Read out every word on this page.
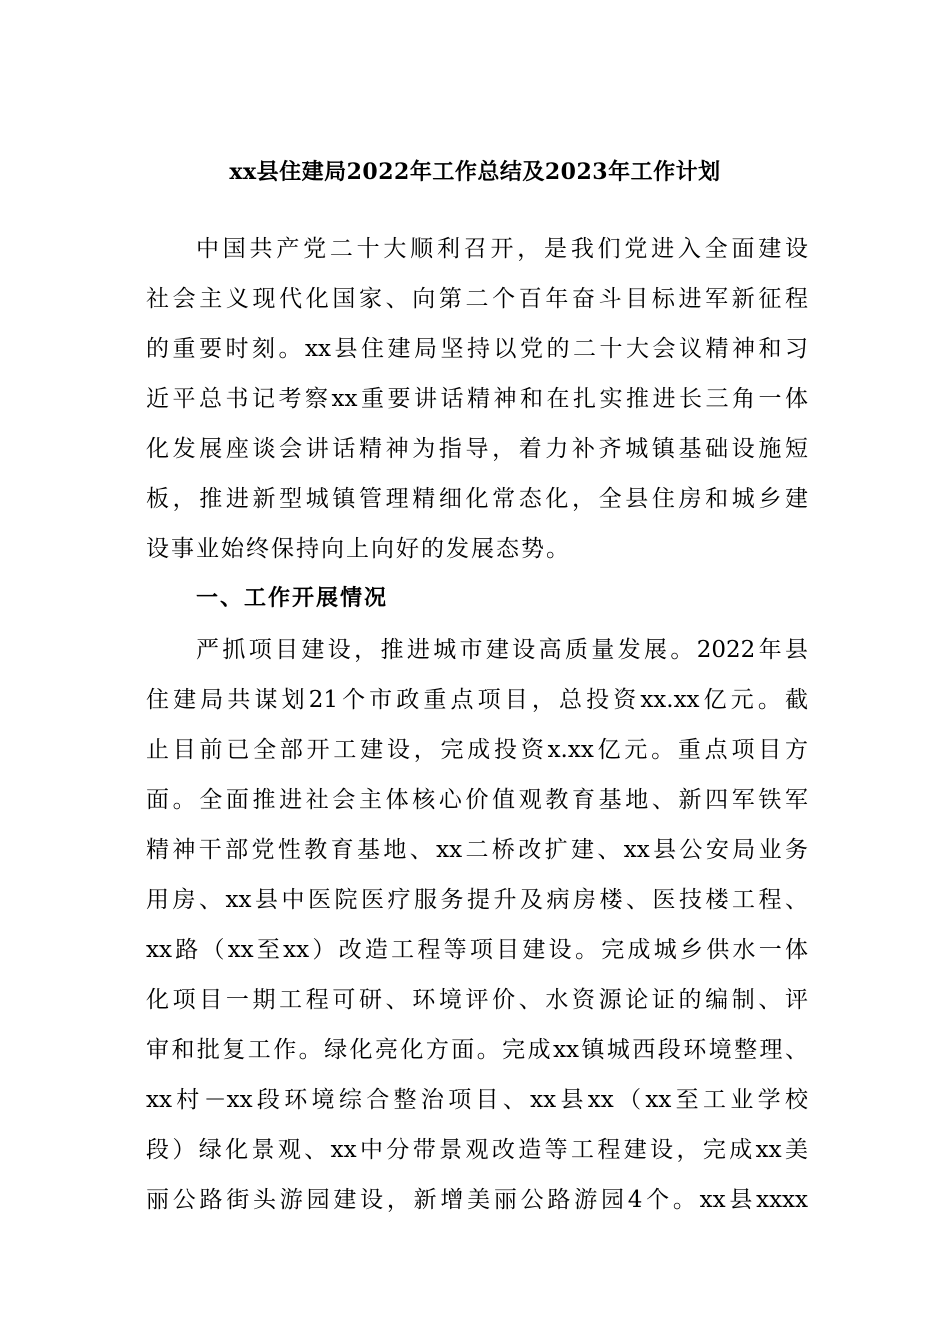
xx县住建局2022年工作总结及2023年工作计划
中国共产党二十大顺利召开，是我们党进入全面建设
社会主义现代化国家、向第二个百年奋斗目标进军新征程
的重要时刻。xx县住建局坚持以党的二十大会议精神和习
近平总书记考察xx重要讲话精神和在扎实推进长三角一体
化发展座谈会讲话精神为指导，着力补齐城镇基础设施短
板，推进新型城镇管理精细化常态化，全县住房和城乡建
设事业始终保持向上向好的发展态势。
一、工作开展情况
严抓项目建设，推进城市建设高质量发展。2022年县
住建局共谋划21个市政重点项目，总投资xx.xx亿元。截
止目前已全部开工建设，完成投资x.xx亿元。重点项目方
面。全面推进社会主体核心价值观教育基地、新四军铁军
精神干部党性教育基地、xx二桥改扩建、xx县公安局业务
用房、xx县中医院医疗服务提升及病房楼、医技楼工程、
xx路（xx至xx）改造工程等项目建设。完成城乡供水一体
化项目一期工程可研、环境评价、水资源论证的编制、评
审和批复工作。绿化亮化方面。完成xx镇城西段环境整理、
xx村－xx段环境综合整治项目、xx县xx（xx至工业学校
段）绿化景观、xx中分带景观改造等工程建设，完成xx美
丽公路街头游园建设，新增美丽公路游园4个。xx县xxxx
